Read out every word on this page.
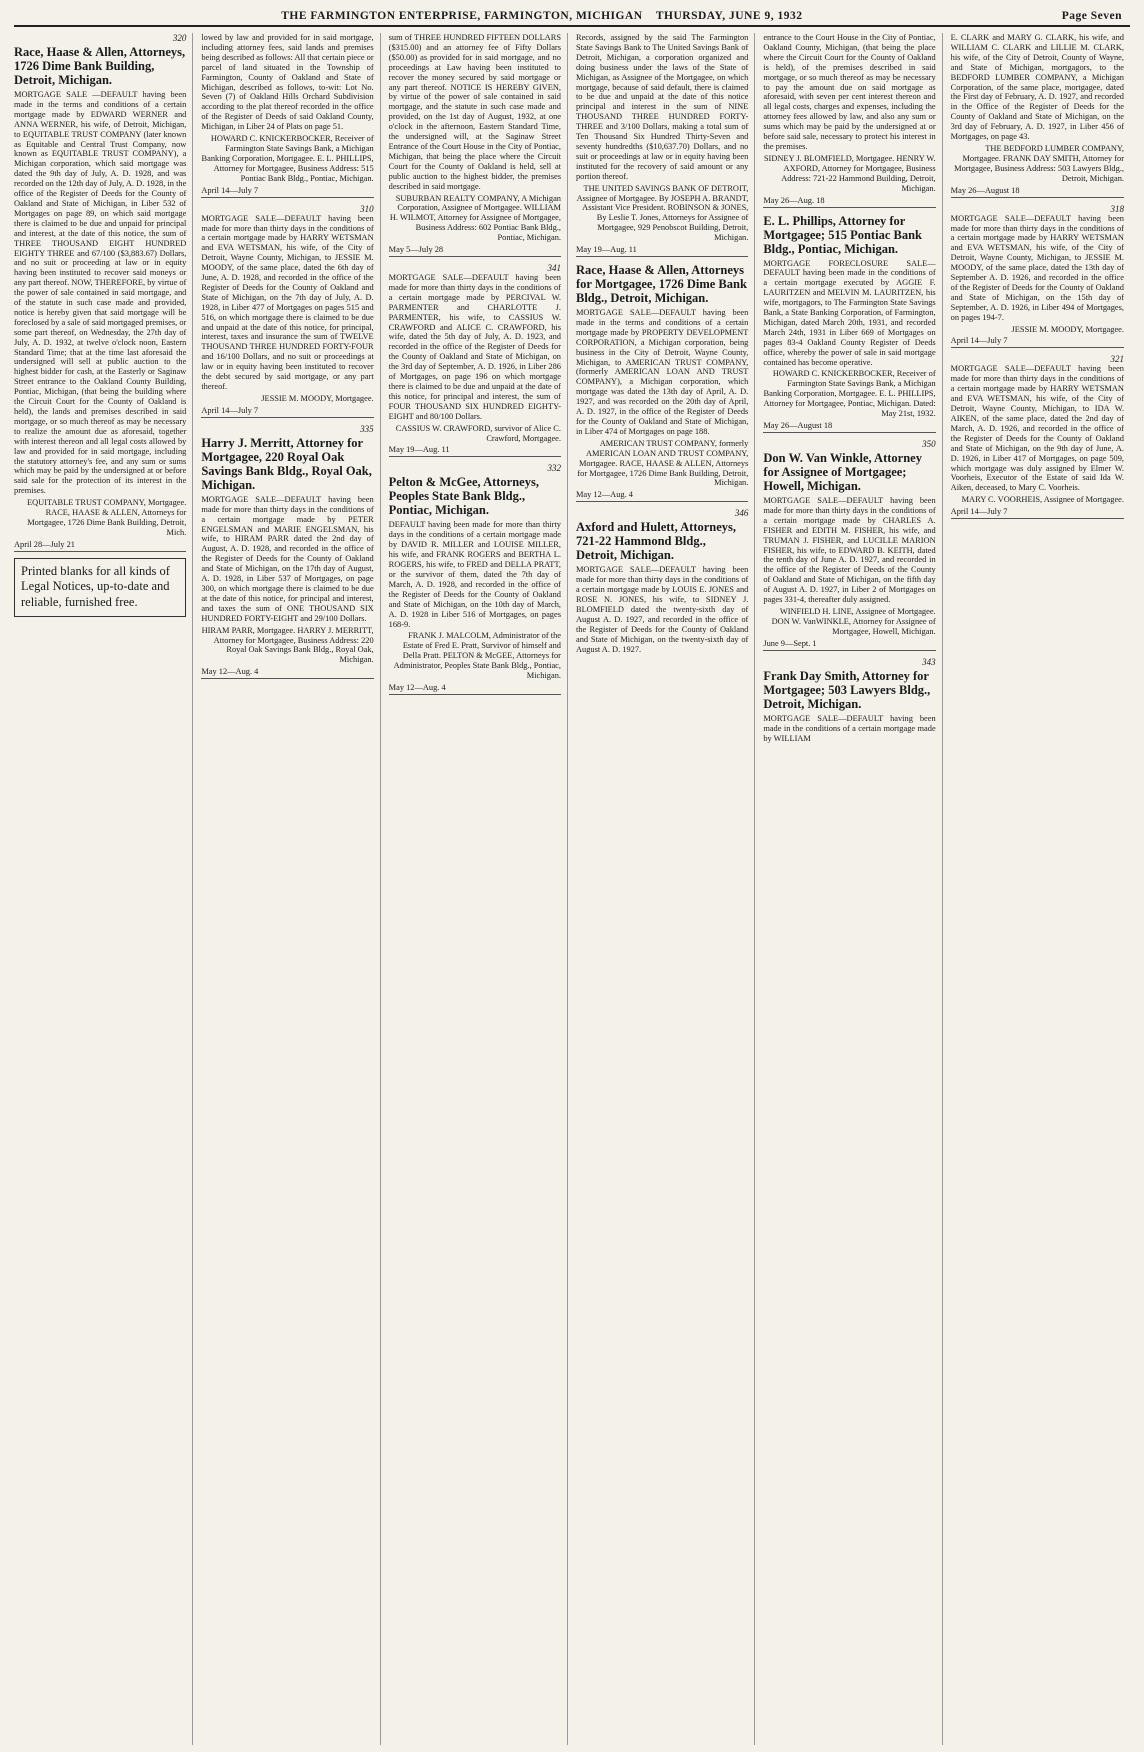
THE FARMINGTON ENTERPRISE, FARMINGTON, MICHIGAN THURSDAY, JUNE 9, 1932	Page Seven
320
Race, Haase & Allen, Attorneys, 1726 Dime Bank Building, Detroit, Michigan.
MORTGAGE SALE —DEFAULT having been made in the terms and conditions of a certain mortgage made by EDWARD WERNER and ANNA WERNER, his wife, of Detroit, Michigan, to EQUITABLE TRUST COMPANY (later known as Equitable and Central Trust Company, now known as EQUITABLE TRUST COMPANY), a Michigan corporation, which said mortgage was dated the 9th day of July, A. D. 1928, and was recorded on the 12th day of July, A. D. 1928, in the office of the Register of Deeds for the County of Oakland and State of Michigan, in Liber 532 of Mortgages on page 89, on which said mortgage there is claimed to be due and unpaid for principal and interest, at the date of this notice, the sum of THREE THOUSAND EIGHT HUNDRED EIGHTY THREE and 67/100 ($3,883.67) Dollars, and no suit or proceeding at law or in equity having been instituted to recover said moneys or any part thereof. NOW, THEREFORE, by virtue of the power of sale contained in said mortgage, and of the statute in such case made and provided, notice is hereby given that said mortgage will be foreclosed by a sale of said mortgaged premises, or some part thereof, on Wednesday, the 27th day of July, A. D. 1932, at twelve o'clock noon, Eastern Standard Time; that at the time last aforesaid the undersigned will sell at public auction to the highest bidder for cash, at the Easterly or Saginaw Street entrance to the Oakland County Building, Pontiac, Michigan, (that being the building where the Circuit Court for the County of Oakland is held), the lands and premises described in said mortgage, or so much thereof as may be necessary to realize the amount due as aforesaid, together with interest thereon and all legal costs allowed by law and provided for in said mortgage, including the statutory attorney's fee, and any sum or sums which may be paid by the undersigned at or before said sale for the protection of its interest in the premises.
EQUITABLE TRUST COMPANY, Mortgagee. RACE, HAASE & ALLEN, Attorneys for Mortgagee, 1726 Dime Bank Building, Detroit, Mich.
April 28—July 21
Printed blanks for all kinds of Legal Notices, up-to-date and reliable, furnished free.
lowed by law and provided for in said mortgage, including attorney fees, said lands and premises being described as follows: All that certain piece or parcel of land situated in the Township of Farmington, County of Oakland and State of Michigan, described as follows, to-wit: Lot No. Seven (7) of Oakland Hills Orchard Subdivision according to the plat thereof recorded in the office of the Register of Deeds of said Oakland County, Michigan, in Liber 24 of Plats on page 51.
HOWARD C. KNICKERBOCKER, Receiver of Farmington State Savings Bank, a Michigan Banking Corporation, Mortgagee. E. L. PHILLIPS, Attorney for Mortgagee, Business Address: 515 Pontiac Bank Bldg., Pontiac, Michigan.
April 14—July 7
310
MORTGAGE SALE—DEFAULT having been made for more than thirty days in the conditions of a certain mortgage made by HARRY WETSMAN and EVA WETSMAN, his wife, of the City of Detroit, Wayne County, Michigan, to JESSIE M. MOODY, of the same place, dated the 6th day of June, A. D. 1928, and recorded in the office of the Register of Deeds for the County of Oakland and State of Michigan, on the 7th day of July, A. D. 1928, in Liber 477 of Mortgages on pages 515 and 516, on which mortgage there is claimed to be due and unpaid at the date of this notice, for principal, interest, taxes and insurance the sum of TWELVE THOUSAND THREE HUNDRED FORTY-FOUR and 16/100 Dollars, and no suit or proceedings at law or in equity having been instituted to recover the debt secured by said mortgage, or any part thereof.
JESSIE M. MOODY, Mortgagee.
April 14—July 7
335
Harry J. Merritt, Attorney for Mortgagee, 220 Royal Oak Savings Bank Bldg., Royal Oak, Michigan.
MORTGAGE SALE—DEFAULT having been made for more than thirty days in the conditions of a certain mortgage made by PETER ENGELSMAN and MARIE ENGELSMAN, his wife, to HIRAM PARR dated the 2nd day of August, A. D. 1928, and recorded in the office of the Register of Deeds for the County of Oakland and State of Michigan, on the 17th day of August, A. D. 1928, in Liber 537 of Mortgages, on page 300, on which mortgage there is claimed to be due at the date of this notice, for principal and interest, and taxes the sum of ONE THOUSAND SIX HUNDRED FORTY-EIGHT and 29/100 Dollars.
HIRAM PARR, Mortgagee. HARRY J. MERRITT, Attorney for Mortgagee, Business Address: 220 Royal Oak Savings Bank Bldg., Royal Oak, Michigan.
May 12—Aug. 4
sum of THREE HUNDRED FIFTEEN DOLLARS ($315.00) and an attorney fee of Fifty Dollars ($50.00) as provided for in said mortgage, and no proceedings at Law having been instituted to recover the money secured by said mortgage or any part thereof. NOTICE IS HEREBY GIVEN, by virtue of the power of sale contained in said mortgage, and the statute in such case made and provided, on the 1st day of August, 1932, at one o'clock in the afternoon, Eastern Standard Time, the undersigned will, at the Saginaw Street Entrance of the Court House in the City of Pontiac, Michigan, that being the place where the Circuit Court for the County of Oakland is held, sell at public auction to the highest bidder, the premises described in said mortgage.
SUBURBAN REALTY COMPANY, A Michigan Corporation, Assignee of Mortgagee. WILLIAM H. WILMOT, Attorney for Assignee of Mortgagee, Business Address: 602 Pontiac Bank Bldg., Pontiac, Michigan.
May 5—July 28
341
MORTGAGE SALE—DEFAULT having been made for more than thirty days in the conditions of a certain mortgage made by PERCIVAL W. PARMENTER and CHARLOTTE J. PARMENTER, his wife, to CASSIUS W. CRAWFORD and ALICE C. CRAWFORD, his wife, dated the 5th day of July, A. D. 1923, and recorded in the office of the Register of Deeds for the County of Oakland and State of Michigan, on the 3rd day of September, A. D. 1926, in Liber 286 of Mortgages, on page 196 on which mortgage there is claimed to be due and unpaid at the date of this notice, for principal and interest, the sum of FOUR THOUSAND SIX HUNDRED EIGHTY-EIGHT and 80/100 Dollars.
CASSIUS W. CRAWFORD, survivor of Alice C. Crawford, Mortgagee.
May 19—Aug. 11
332
Pelton & McGee, Attorneys, Peoples State Bank Bldg., Pontiac, Michigan.
DEFAULT having been made for more than thirty days in the conditions of a certain mortgage made by DAVID R. MILLER and LOUISE MILLER, his wife, and FRANK ROGERS and BERTHA L. ROGERS, his wife, to FRED and DELLA PRATT, or the survivor of them, dated the 7th day of March, A. D. 1928, and recorded in the office of the Register of Deeds for the County of Oakland and State of Michigan, on the 10th day of March, A. D. 1928 in Liber 516 of Mortgages, on pages 168-9.
FRANK J. MALCOLM, Administrator of the Estate of Fred E. Pratt, Survivor of himself and Della Pratt. PELTON & McGEE, Attorneys for Administrator, Peoples State Bank Bldg., Pontiac, Michigan.
May 12—Aug. 4
Records, assigned by the said The Farmington State Savings Bank to The United Savings Bank of Detroit, Michigan, a corporation organized and doing business under the laws of the State of Michigan, as Assignee of the Mortgagee, on which mortgage, because of said default, there is claimed to be due and unpaid at the date of this notice principal and interest in the sum of NINE THOUSAND THREE HUNDRED FORTY-THREE and 3/100 Dollars, making a total sum of Ten Thousand Six Hundred Thirty-Seven and seventy hundredths ($10,637.70) Dollars, and no suit or proceedings at law or in equity having been instituted for the recovery of said amount or any portion thereof.
THE UNITED SAVINGS BANK OF DETROIT, Assignee of Mortgagee. By JOSEPH A. BRANDT, Assistant Vice President. ROBINSON & JONES, By Leslie T. Jones, Attorneys for Assignee of Mortgagee, 929 Penobscot Building, Detroit, Michigan.
May 19—Aug. 11
Race, Haase & Allen, Attorneys for Mortgagee, 1726 Dime Bank Bldg., Detroit, Michigan.
MORTGAGE SALE—DEFAULT having been made in the terms and conditions of a certain mortgage made by PROPERTY DEVELOPMENT CORPORATION, a Michigan corporation, being business in the City of Detroit, Wayne County, Michigan, to AMERICAN TRUST COMPANY, (formerly AMERICAN LOAN AND TRUST COMPANY), a Michigan corporation, which mortgage was dated the 13th day of April, A. D. 1927, and was recorded on the 20th day of April, A. D. 1927, in the office of the Register of Deeds for the County of Oakland and State of Michigan, in Liber 474 of Mortgages on page 188.
AMERICAN TRUST COMPANY, formerly AMERICAN LOAN AND TRUST COMPANY, Mortgagee. RACE, HAASE & ALLEN, Attorneys for Mortgagee, 1726 Dime Bank Building, Detroit, Michigan.
May 12—Aug. 4
346
Axford and Hulett, Attorneys, 721-22 Hammond Bldg., Detroit, Michigan.
MORTGAGE SALE—DEFAULT having been made for more than thirty days in the conditions of a certain mortgage made by LOUIS E. JONES and ROSE N. JONES, his wife, to SIDNEY J. BLOMFIELD dated the twenty-sixth day of August A. D. 1927, and recorded in the office of the Register of Deeds for the County of Oakland and State of Michigan, on the twenty-sixth day of August A. D. 1927.
entrance to the Court House in the City of Pontiac, Oakland County, Michigan, (that being the place where the Circuit Court for the County of Oakland is held), of the premises described in said mortgage, or so much thereof as may be necessary to pay the amount due on said mortgage as aforesaid, with seven per cent interest thereon and all legal costs, charges and expenses, including the attorney fees allowed by law, and also any sum or sums which may be paid by the undersigned at or before said sale, necessary to protect his interest in the premises.
SIDNEY J. BLOMFIELD, Mortgagee. HENRY W. AXFORD, Attorney for Mortgagee, Business Address: 721-22 Hammond Building, Detroit, Michigan.
May 26—Aug. 18
E. L. Phillips, Attorney for Mortgagee; 515 Pontiac Bank Bldg., Pontiac, Michigan.
MORTGAGE FORECLOSURE SALE—DEFAULT having been made in the conditions of a certain mortgage executed by AGGIE F. LAURITZEN and MELVIN M. LAURITZEN, his wife, mortgagors, to The Farmington State Savings Bank, a State Banking Corporation, of Farmington, Michigan, dated March 20th, 1931, and recorded March 24th, 1931 in Liber 669 of Mortgages on pages 83-4 Oakland County Register of Deeds office, whereby the power of sale in said mortgage contained has become operative.
HOWARD C. KNICKERBOCKER, Receiver of Farmington State Savings Bank, a Michigan Banking Corporation, Mortgagee. E. L. PHILLIPS, Attorney for Mortgagee, Pontiac, Michigan. Dated: May 21st, 1932.
May 26—August 18
350
Don W. Van Winkle, Attorney for Assignee of Mortgagee; Howell, Michigan.
MORTGAGE SALE—DEFAULT having been made for more than thirty days in the conditions of a certain mortgage made by CHARLES A. FISHER and EDITH M. FISHER, his wife, and TRUMAN J. FISHER, and LUCILLE MARION FISHER, his wife, to EDWARD B. KEITH, dated the tenth day of June A. D. 1927, and recorded in the office of the Register of Deeds of the County of Oakland and State of Michigan, on the fifth day of August A. D. 1927, in Liber 2 of Mortgages on pages 331-4, thereafter duly assigned.
WINFIELD H. LINE, Assignee of Mortgagee. DON W. VanWINKLE, Attorney for Assignee of Mortgagee, Howell, Michigan.
June 9—Sept. 1
343
Frank Day Smith, Attorney for Mortgagee; 503 Lawyers Bldg., Detroit, Michigan.
MORTGAGE SALE—DEFAULT having been made in the conditions of a certain mortgage made by WILLIAM
E. CLARK and MARY G. CLARK, his wife, and WILLIAM C. CLARK and LILLIE M. CLARK, his wife, of the City of Detroit, County of Wayne, and State of Michigan, mortgagors, to the BEDFORD LUMBER COMPANY, a Michigan Corporation, of the same place, mortgagee, dated the First day of February, A. D. 1927, and recorded in the Office of the Register of Deeds for the County of Oakland and State of Michigan, on the 3rd day of February, A. D. 1927, in Liber 456 of Mortgages, on page 43.
THE BEDFORD LUMBER COMPANY, Mortgagee. FRANK DAY SMITH, Attorney for Mortgagee, Business Address: 503 Lawyers Bldg., Detroit, Michigan.
May 26—August 18
318
MORTGAGE SALE—DEFAULT having been made for more than thirty days in the conditions of a certain mortgage made by HARRY WETSMAN and EVA WETSMAN, his wife, of the City of Detroit, Wayne County, Michigan, to JESSIE M. MOODY, of the same place, dated the 13th day of September A. D. 1926, and recorded in the office of the Register of Deeds for the County of Oakland and State of Michigan, on the 15th day of September, A. D. 1926, in Liber 494 of Mortgages, on pages 194-7.
JESSIE M. MOODY, Mortgagee.
April 14—July 7
321
MORTGAGE SALE—DEFAULT having been made for more than thirty days in the conditions of a certain mortgage made by HARRY WETSMAN and EVA WETSMAN, his wife, of the City of Detroit, Wayne County, Michigan, to IDA W. AIKEN, of the same place, dated the 2nd day of March, A. D. 1926, and recorded in the office of the Register of Deeds for the County of Oakland and State of Michigan, on the 9th day of June, A. D. 1926, in Liber 417 of Mortgages, on page 509, which mortgage was duly assigned by Elmer W. Voorheis, Executor of the Estate of said Ida W. Aiken, deceased, to Mary C. Voorheis.
MARY C. VOORHEIS, Assignee of Mortgagee.
April 14—July 7
